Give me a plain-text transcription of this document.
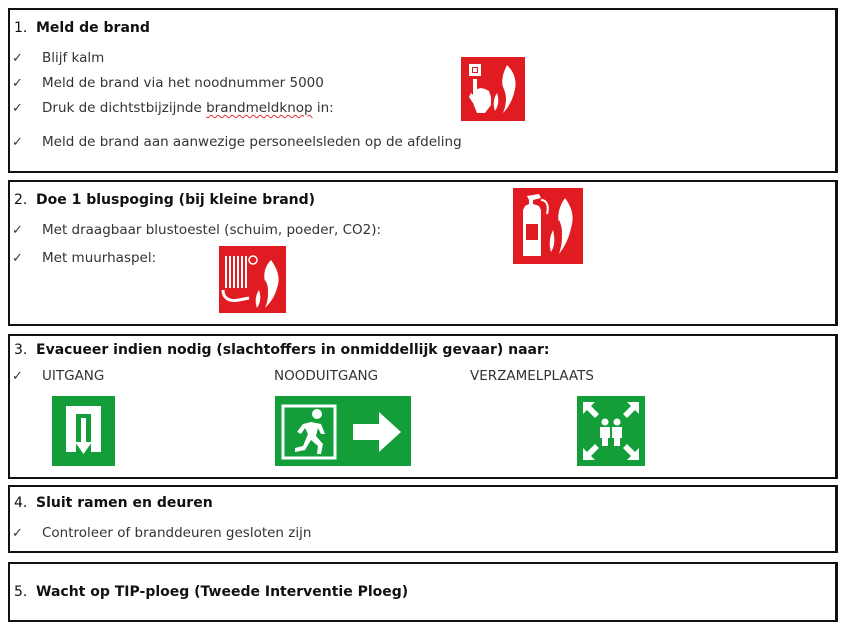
1. Meld de brand
✓ Blijf kalm
✓ Meld de brand via het noodnummer 5000
✓ Druk de dichtstbijzijnde brandmeldknop in:
✓ Meld de brand aan aanwezige personeelsleden op de afdeling
2. Doe 1 bluspoging (bij kleine brand)
✓ Met draagbaar blustoestel (schuim, poeder, CO2):
✓ Met muurhaspel:
3. Evacueer indien nodig (slachtoffers in onmiddellijk gevaar) naar:
✓ UITGANG	NOODUITGANG	VERZAMELPLAATS
4. Sluit ramen en deuren
✓ Controleer of branddeuren gesloten zijn
5. Wacht op TIP-ploeg (Tweede Interventie Ploeg)
